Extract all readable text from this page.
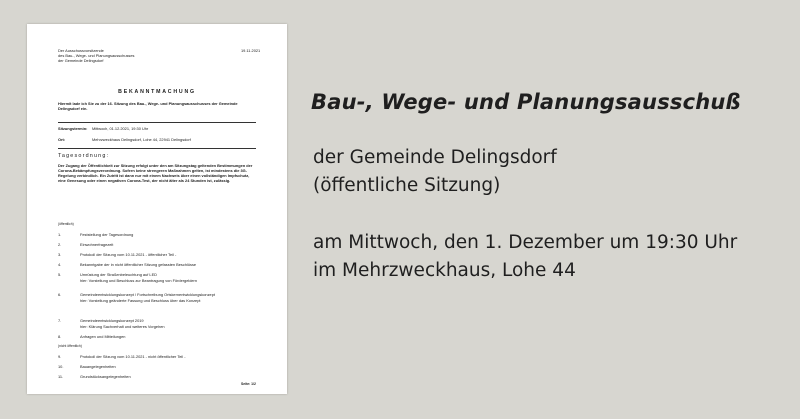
Der Ausschussvorsitzende
des Bau-, Wege- und Planungsausschusses
der Gemeinde Delingsdorf
19.11.2021
BEKANNTMACHUNG
Hiermit lade ich Sie zu der 16. Sitzung des Bau-, Wege- und Planungsausschusses der Gemeinde Delingsdorf ein.
Sitzungstermin: Mittwoch, 01.12.2021, 19:30 Uhr
Ort:	Mehrzweckhaus Delingsdorf, Lohe 44, 22941 Delingsdorf
Tagesordnung:
Der Zugang der Öffentlichkeit zur Sitzung erfolgt unter den am Sitzungstag geltenden Bestimmungen der Corona-Bekämpfungsverordnung. Sofern keine strengeren Maßnahmen gelten, ist mindestens die 3G-Regelung verbindlich. Ein Zutritt ist dann nur mit einem Nachweis über einen vollständigen Impfschutz, eine Genesung oder einen negativen Corona-Test, der nicht älter als 24 Stunden ist, zulässig.
(öffentlich)
1.	Feststellung der Tagesordnung
2.	Einwohnerfragezeit
3.	Protokoll der Sitzung vom 10.11.2021 - öffentlicher Teil -
4.	Bekanntgabe der in nicht öffentlicher Sitzung gefassten Beschlüsse
5.	Umrüstung der Straßenbeleuchtung auf LED
hier: Vorstellung und Beschluss zur Beantragung von Fördergeldern
6.	Gemeindeentwicklungskonzept / Fortschreibung Ortskernentwicklungskonzept
hier: Vorstellung geänderte Fassung und Beschluss über das Konzept
7.	Gemeindeentwicklungskonzept 2019
hier: Klärung Sachverhalt und weiteres Vorgehen
8.	Anfragen und Mitteilungen
(nicht öffentlich)
9.	Protokoll der Sitzung vom 10.11.2021 - nicht öffentlicher Teil -
10.	Bauangelegenheiten
11.	Grundstücksangelegenheiten
Seite: 1/2
Bau-, Wege- und Planungsausschuß
der Gemeinde Delingsdorf
(öffentliche Sitzung)
am Mittwoch, den 1. Dezember um 19:30 Uhr
im Mehrzweckhaus, Lohe 44
